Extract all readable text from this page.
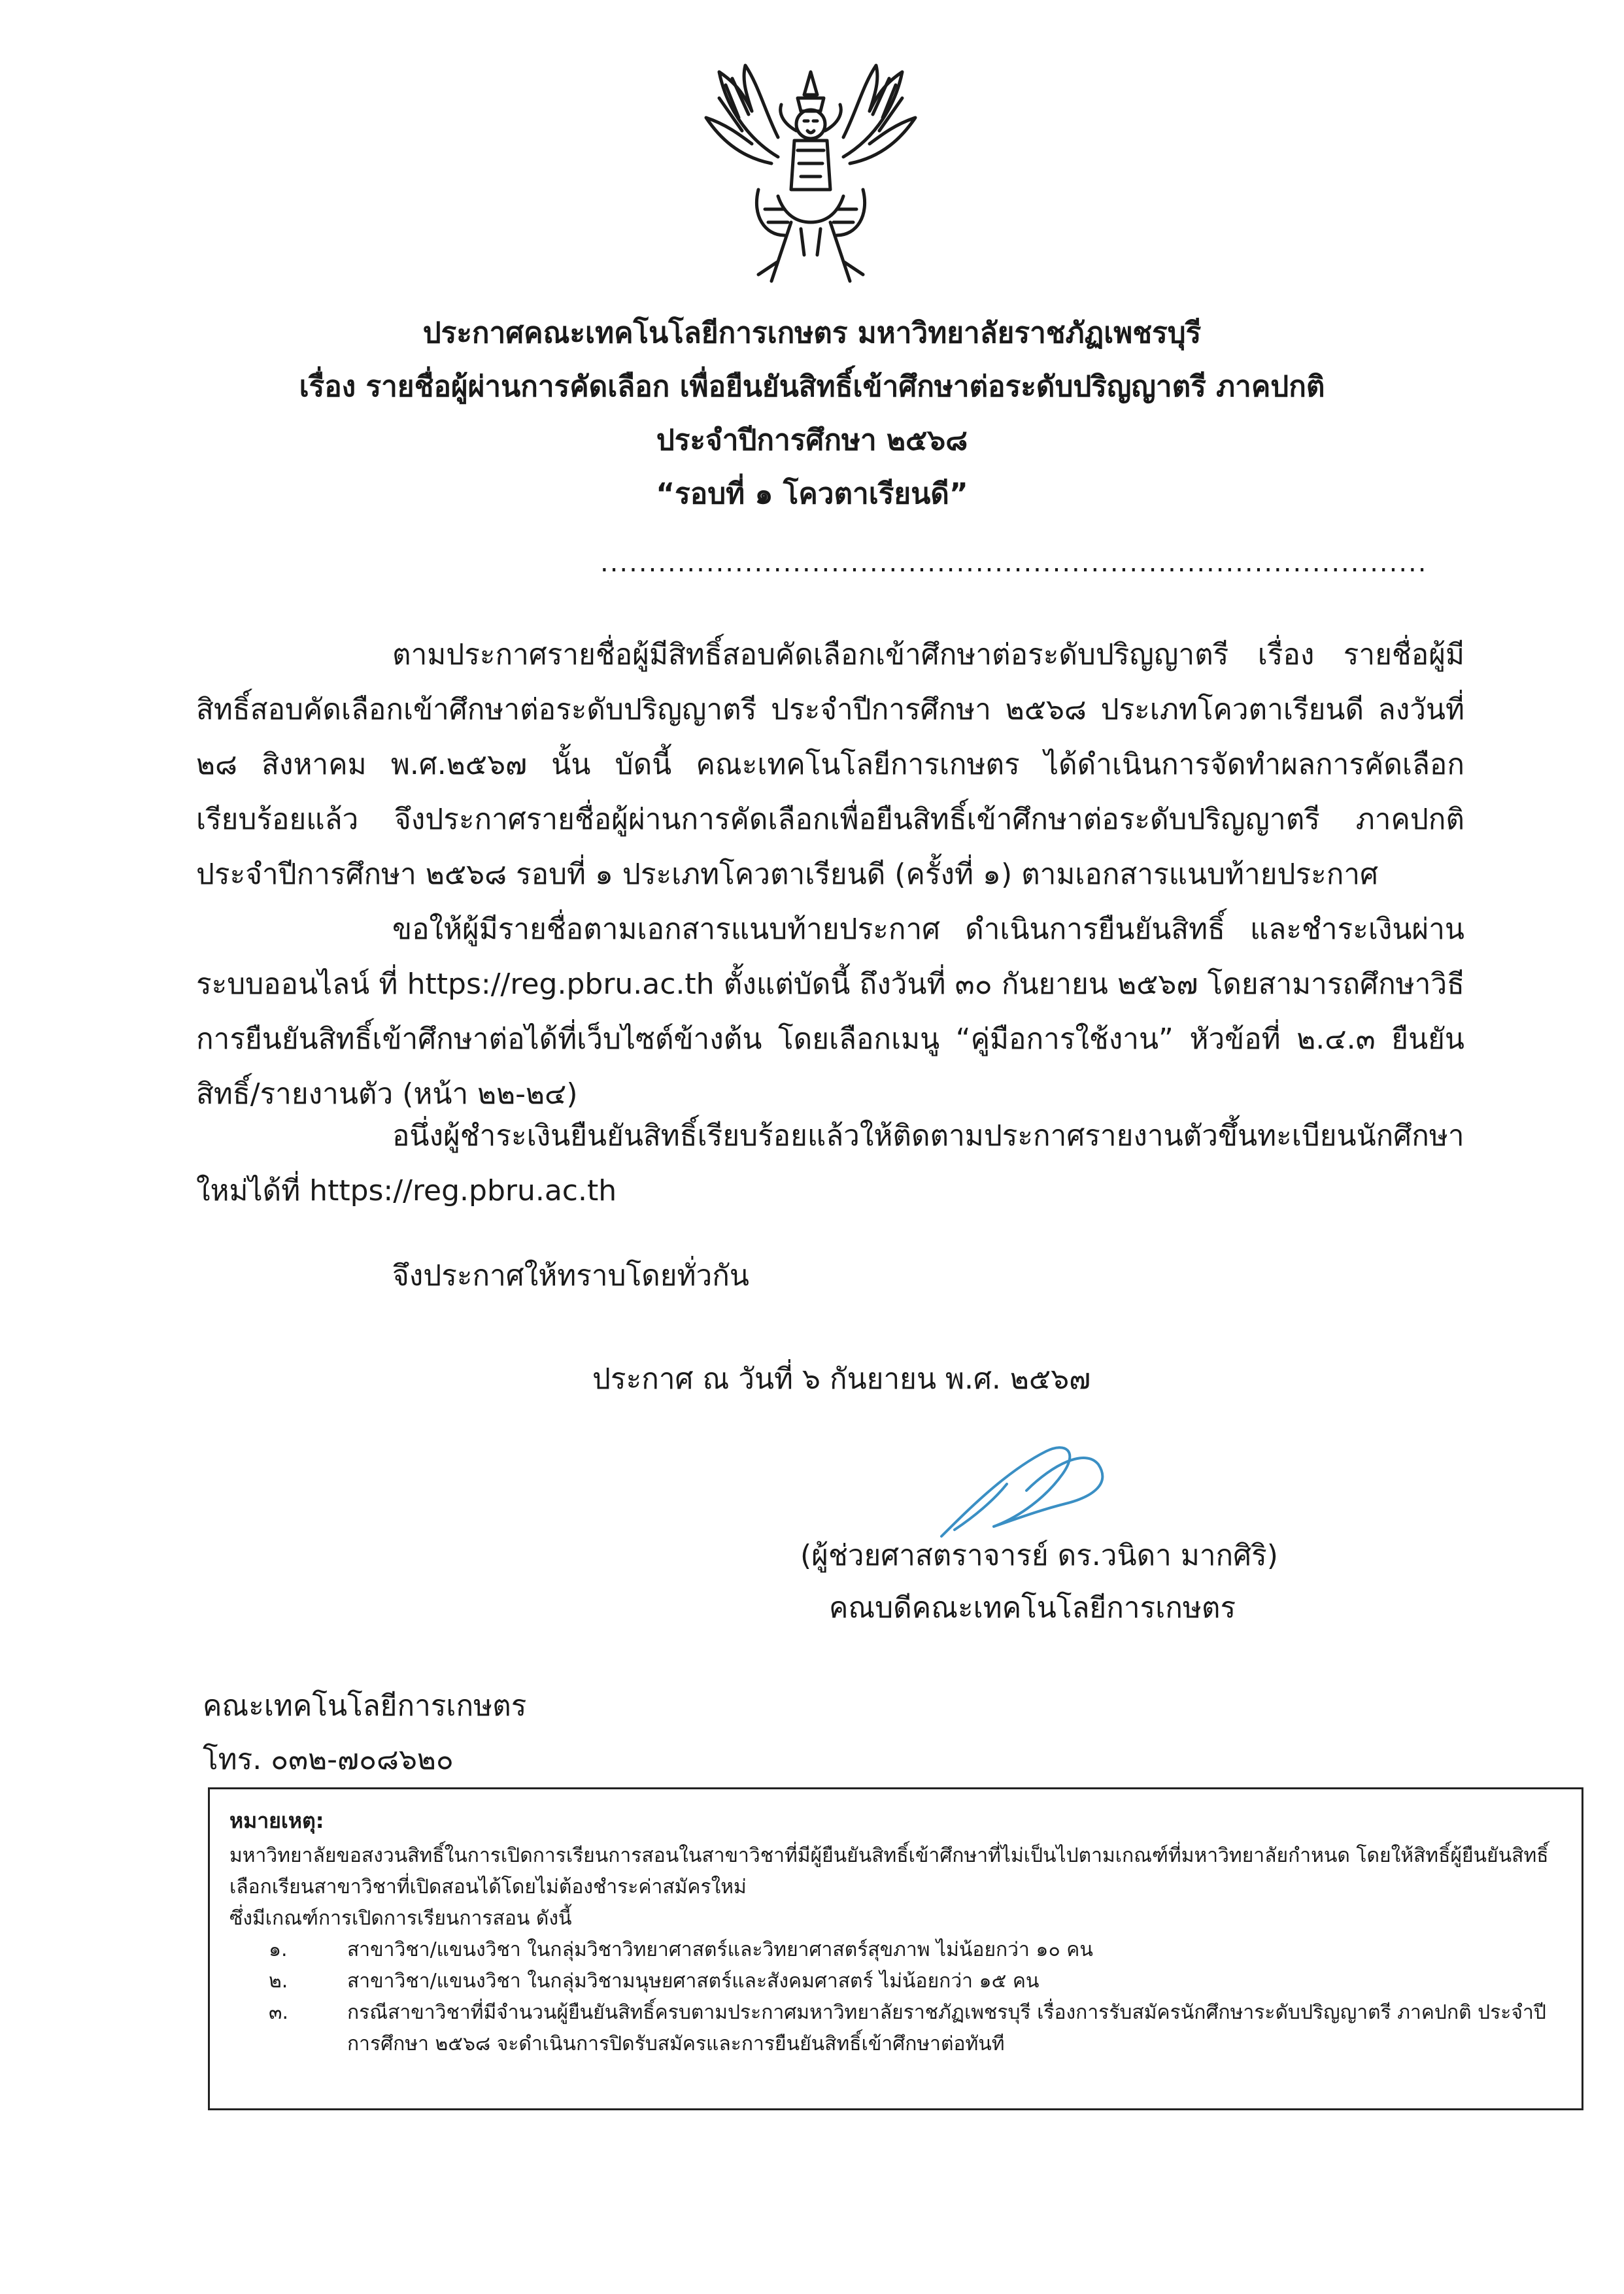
ประกาศคณะเทคโนโลยีการเกษตร มหาวิทยาลัยราชภัฏเพชรบุรี

เรื่อง รายชื่อผู้ผ่านการคัดเลือก เพื่อยืนยันสิทธิ์เข้าศึกษาต่อระดับปริญญาตรี ภาคปกติ

ประจำปีการศึกษา ๒๕๖๘

“รอบที่ ๑ โควตาเรียนดี”

......................................................................................

ตามประกาศรายชื่อผู้มีสิทธิ์สอบคัดเลือกเข้าศึกษาต่อระดับปริญญาตรี เรื่อง รายชื่อผู้มีสิทธิ์สอบคัดเลือกเข้าศึกษาต่อระดับปริญญาตรี ประจำปีการศึกษา ๒๕๖๘ ประเภทโควตาเรียนดี ลงวันที่ ๒๘ สิงหาคม พ.ศ.๒๕๖๗ นั้น บัดนี้ คณะเทคโนโลยีการเกษตร ได้ดำเนินการจัดทำผลการคัดเลือกเรียบร้อยแล้ว จึงประกาศรายชื่อผู้ผ่านการคัดเลือกเพื่อยืนสิทธิ์เข้าศึกษาต่อระดับปริญญาตรี ภาคปกติ ประจำปีการศึกษา ๒๕๖๘ รอบที่ ๑ ประเภทโควตาเรียนดี (ครั้งที่ ๑) ตามเอกสารแนบท้ายประกาศ

ขอให้ผู้มีรายชื่อตามเอกสารแนบท้ายประกาศ ดำเนินการยืนยันสิทธิ์ และชำระเงินผ่านระบบออนไลน์ ที่ https://reg.pbru.ac.th ตั้งแต่บัดนี้ ถึงวันที่ ๓๐ กันยายน ๒๕๖๗ โดยสามารถศึกษาวิธีการยืนยันสิทธิ์เข้าศึกษาต่อได้ที่เว็บไซต์ข้างต้น โดยเลือกเมนู “คู่มือการใช้งาน” หัวข้อที่ ๒.๔.๓ ยืนยันสิทธิ์/รายงานตัว (หน้า ๒๒-๒๔)

อนึ่งผู้ชำระเงินยืนยันสิทธิ์เรียบร้อยแล้วให้ติดตามประกาศรายงานตัวขึ้นทะเบียนนักศึกษาใหม่ได้ที่ https://reg.pbru.ac.th

จึงประกาศให้ทราบโดยทั่วกัน

ประกาศ ณ วันที่ ๖ กันยายน พ.ศ. ๒๕๖๗

(ผู้ช่วยศาสตราจารย์ ดร.วนิดา มากศิริ)

คณบดีคณะเทคโนโลยีการเกษตร

คณะเทคโนโลยีการเกษตร

โทร. ๐๓๒-๗๐๘๖๒๐

หมายเหตุ:

มหาวิทยาลัยขอสงวนสิทธิ์ในการเปิดการเรียนการสอนในสาขาวิชาที่มีผู้ยืนยันสิทธิ์เข้าศึกษาที่ไม่เป็นไปตามเกณฑ์ที่มหาวิทยาลัยกำหนด โดยให้สิทธิ์ผู้ยืนยันสิทธิ์เลือกเรียนสาขาวิชาที่เปิดสอนได้โดยไม่ต้องชำระค่าสมัครใหม่

ซึ่งมีเกณฑ์การเปิดการเรียนการสอน ดังนี้

๑.	สาขาวิชา/แขนงวิชา ในกลุ่มวิชาวิทยาศาสตร์และวิทยาศาสตร์สุขภาพ ไม่น้อยกว่า ๑๐ คน
๒.	สาขาวิชา/แขนงวิชา ในกลุ่มวิชามนุษยศาสตร์และสังคมศาสตร์ ไม่น้อยกว่า ๑๕ คน
๓.	กรณีสาขาวิชาที่มีจำนวนผู้ยืนยันสิทธิ์ครบตามประกาศมหาวิทยาลัยราชภัฏเพชรบุรี เรื่องการรับสมัครนักศึกษาระดับปริญญาตรี ภาคปกติ ประจำปีการศึกษา ๒๕๖๘ จะดำเนินการปิดรับสมัครและการยืนยันสิทธิ์เข้าศึกษาต่อทันที
